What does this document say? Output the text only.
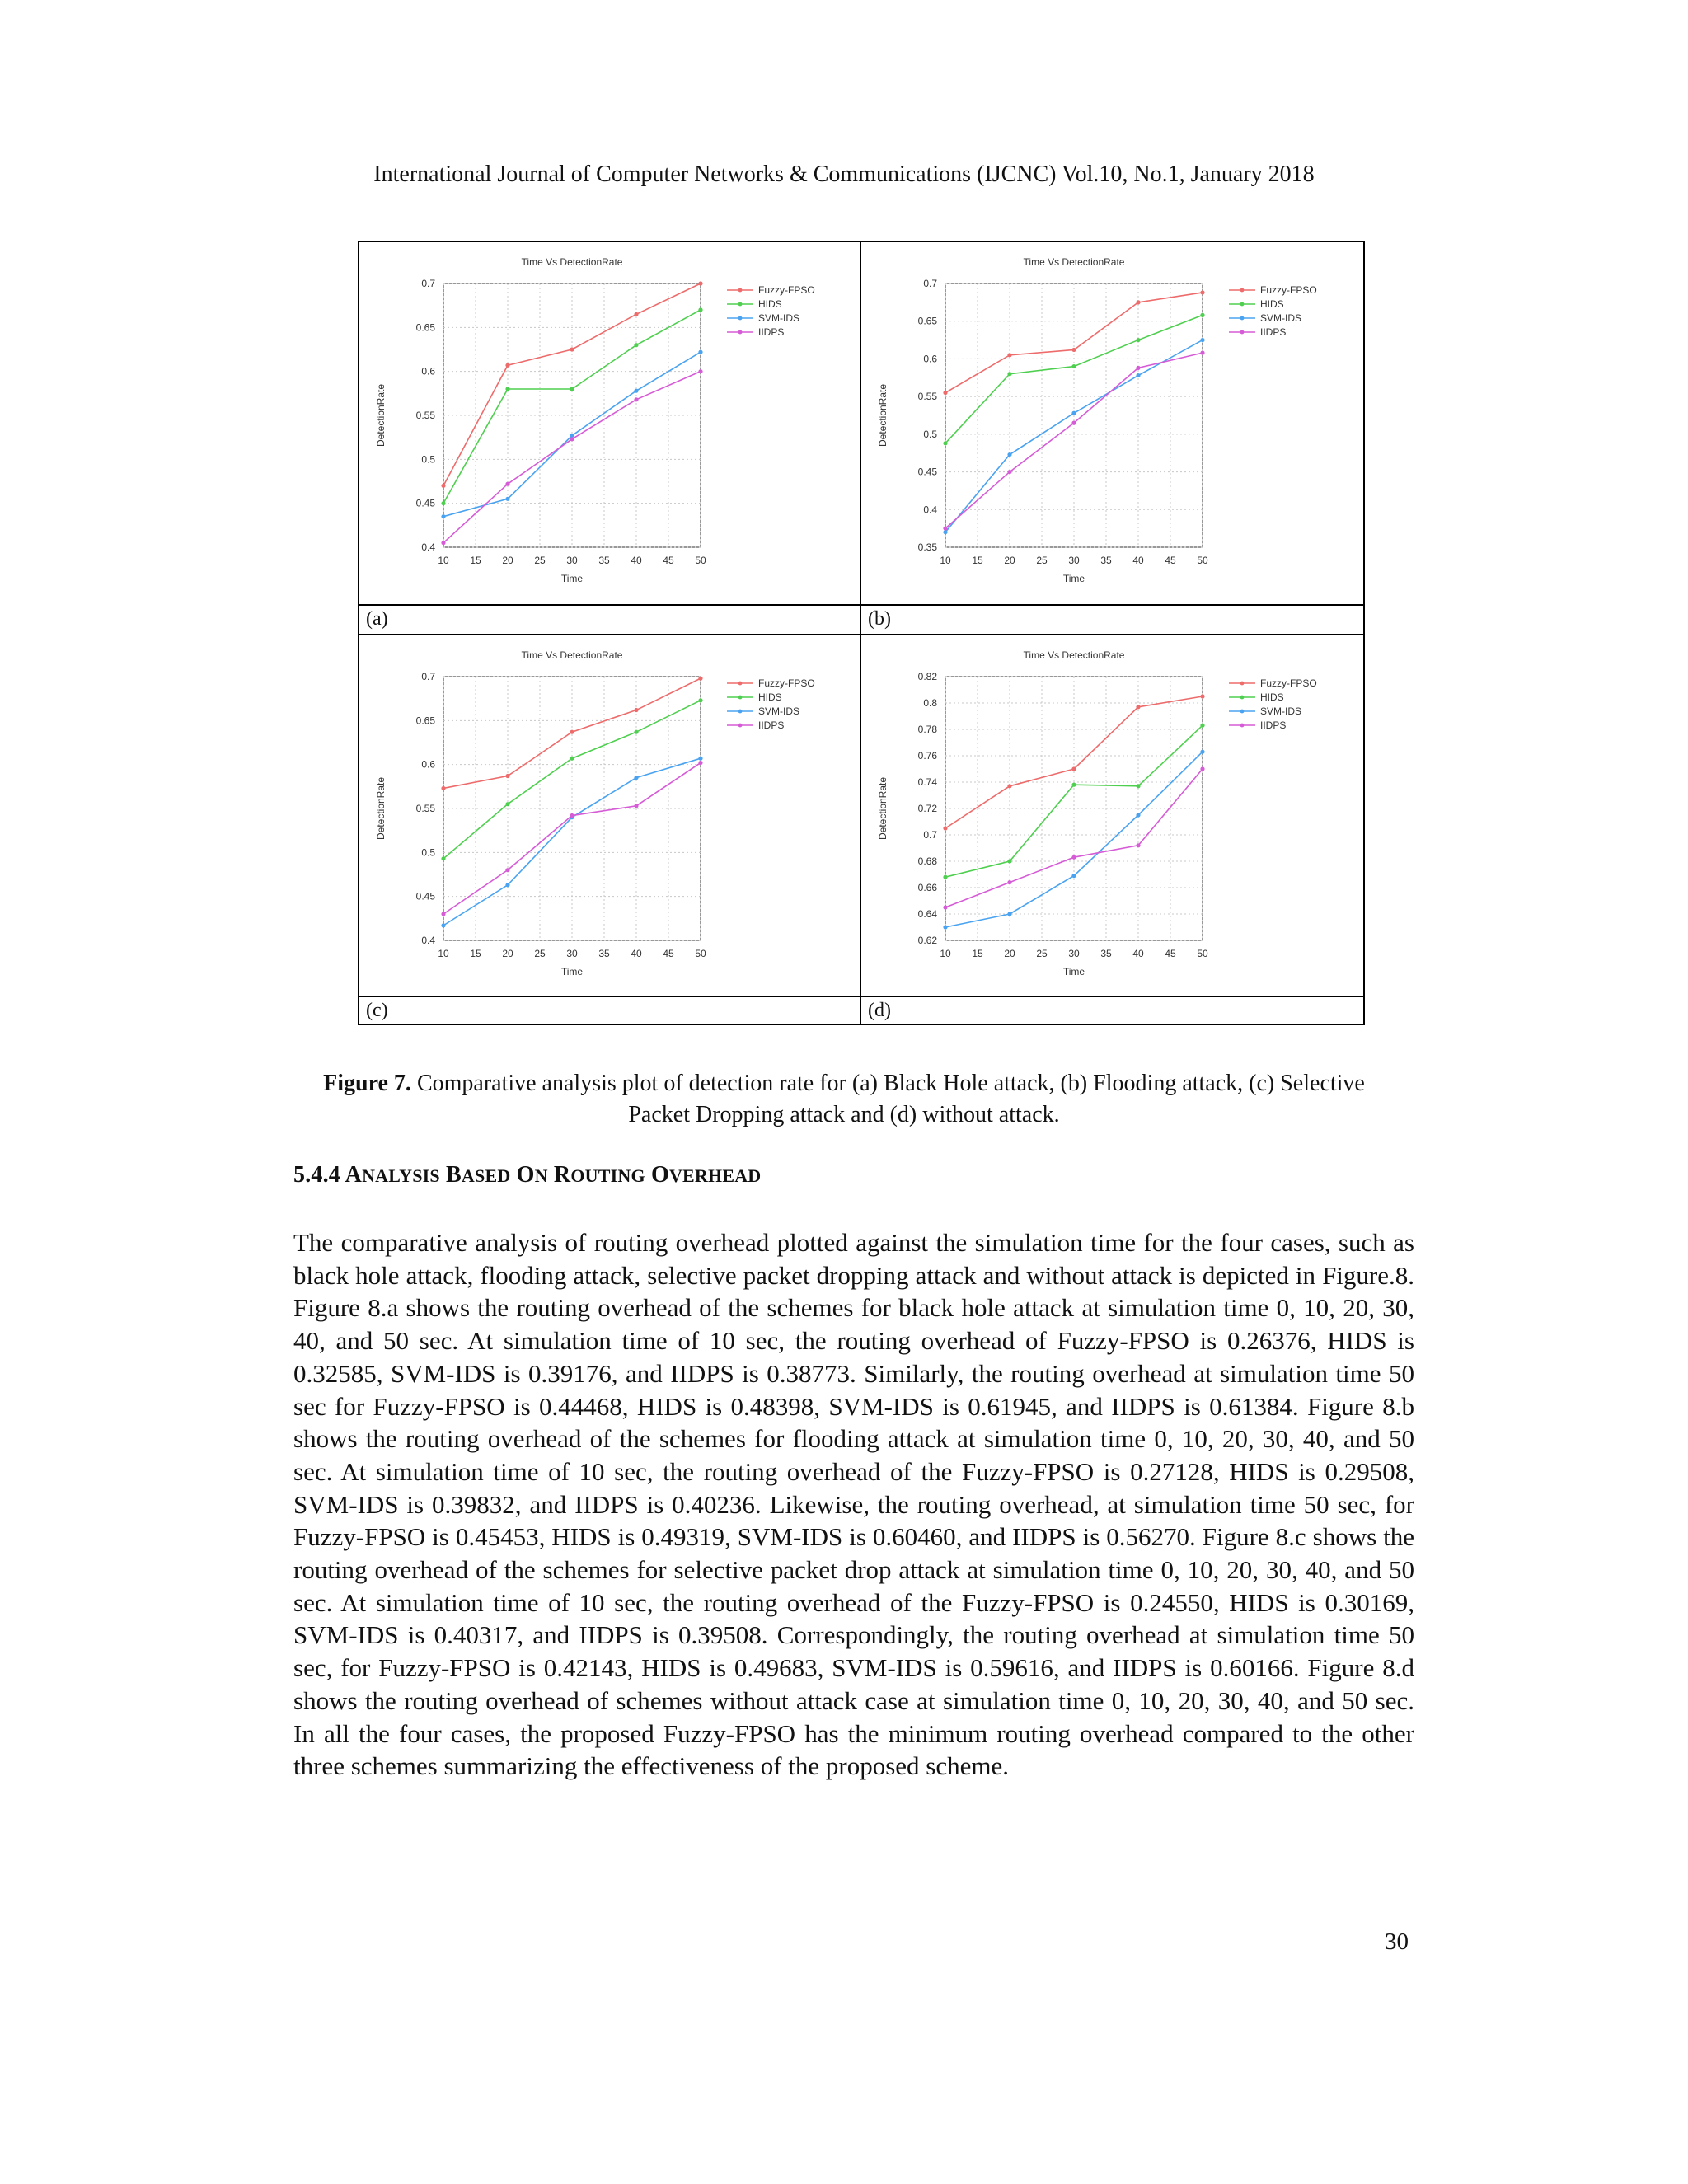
International Journal of Computer Networks & Communications (IJCNC) Vol.10, No.1, January 2018
10 15 20 25 30 35 40 45 50
0.4
0.45
0.5
0.55
0.6
0.65
0.7
Time Vs DetectionRate
Time
DetectionRate
Fuzzy-FPSO
HIDS
SVM-IDS
IIDPS
(a)
10 15 20 25 30 35 40 45 50
0.35
0.4
0.45
0.5
0.55
0.6
0.65
0.7
Time Vs DetectionRate
Time
DetectionRate
Fuzzy-FPSO
HIDS
SVM-IDS
IIDPS
(b)
10 15 20 25 30 35 40 45 50
0.4
0.45
0.5
0.55
0.6
0.65
0.7
Time Vs DetectionRate
Time
DetectionRate
Fuzzy-FPSO
HIDS
SVM-IDS
IIDPS
(c)
10 15 20 25 30 35 40 45 50
0.62
0.64
0.66
0.68
0.7
0.72
0.74
0.76
0.78
0.8
0.82
Time Vs DetectionRate
Time
DetectionRate
Fuzzy-FPSO
HIDS
SVM-IDS
IIDPS
(d)
Figure 7. Comparative analysis plot of detection rate for (a) Black Hole attack, (b) Flooding attack, (c) Selective Packet Dropping attack and (d) without attack.
5.4.4 ANALYSIS BASED ON ROUTING OVERHEAD
The comparative analysis of routing overhead plotted against the simulation time for the four cases, such as black hole attack, flooding attack, selective packet dropping attack and without attack is depicted in Figure.8. Figure 8.a shows the routing overhead of the schemes for black hole attack at simulation time 0, 10, 20, 30, 40, and 50 sec. At simulation time of 10 sec, the routing overhead of Fuzzy-FPSO is 0.26376, HIDS is 0.32585, SVM-IDS is 0.39176, and IIDPS is 0.38773. Similarly, the routing overhead at simulation time 50 sec for Fuzzy-FPSO is 0.44468, HIDS is 0.48398, SVM-IDS is 0.61945, and IIDPS is 0.61384. Figure 8.b shows the routing overhead of the schemes for flooding attack at simulation time 0, 10, 20, 30, 40, and 50 sec. At simulation time of 10 sec, the routing overhead of the Fuzzy-FPSO is 0.27128, HIDS is 0.29508, SVM-IDS is 0.39832, and IIDPS is 0.40236. Likewise, the routing overhead, at simulation time 50 sec, for Fuzzy-FPSO is 0.45453, HIDS is 0.49319, SVM-IDS is 0.60460, and IIDPS is 0.56270. Figure 8.c shows the routing overhead of the schemes for selective packet drop attack at simulation time 0, 10, 20, 30, 40, and 50 sec. At simulation time of 10 sec, the routing overhead of the Fuzzy-FPSO is 0.24550, HIDS is 0.30169, SVM-IDS is 0.40317, and IIDPS is 0.39508. Correspondingly, the routing overhead at simulation time 50 sec, for Fuzzy-FPSO is 0.42143, HIDS is 0.49683, SVM-IDS is 0.59616, and IIDPS is 0.60166. Figure 8.d shows the routing overhead of schemes without attack case at simulation time 0, 10, 20, 30, 40, and 50 sec. In all the four cases, the proposed Fuzzy-FPSO has the minimum routing overhead compared to the other three schemes summarizing the effectiveness of the proposed scheme.
30
